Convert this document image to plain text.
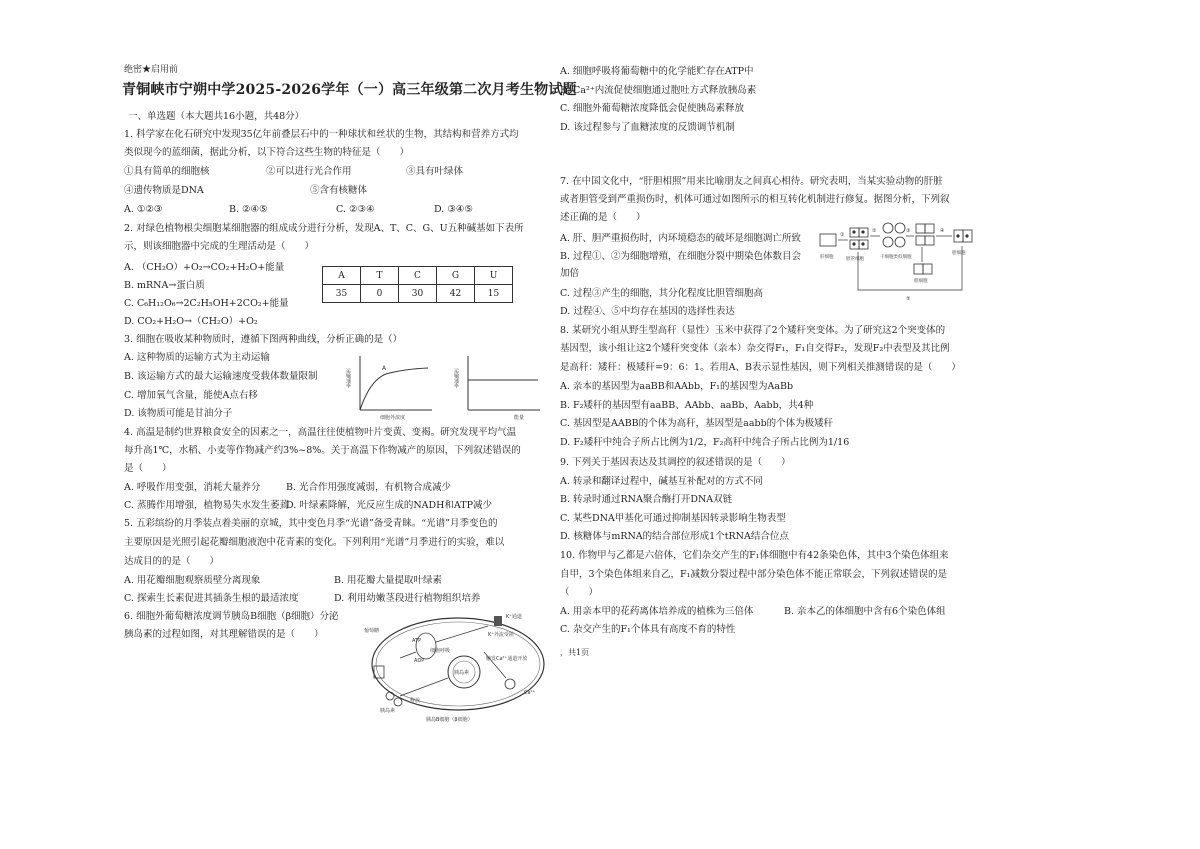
绝密★启用前
青铜峡市宁朔中学2025-2026学年（一）高三年级第二次月考生物试题
一、单选题（本大题共16小题，共48分）
1. 科学家在化石研究中发现35亿年前叠层石中的一种球状和丝状的生物，其结构和营养方式均
类似现今的蓝细菌，据此分析，以下符合这些生物的特征是（　　）
①具有简单的细胞核	②可以进行光合作用	③具有叶绿体
④遗传物质是DNA	⑤含有核糖体
A. ①②③	B. ②④⑤	C. ②③④	D. ③④⑤
2. 对绿色植物根尖细胞某细胞器的组成成分进行分析，发现A、T、C、G、U五种碱基如下表所
示，则该细胞器中完成的生理活动是（　　）
A. （CH₂O）+O₂→CO₂+H₂O+能量
B. mRNA→蛋白质
C. C₆H₁₂O₆→2C₂H₅OH+2CO₂+能量
D. CO₂+H₂O→（CH₂O）+O₂
A	T	C	G	U
35	0	30	42	15
3. 细胞在吸收某种物质时，遵循下图两种曲线，分析正确的是（）
A. 这种物质的运输方式为主动运输
B. 该运输方式的最大运输速度受载体数量限制
C. 增加氧气含量，能使A点右移
D. 该物质可能是甘油分子
运输速率	A
细胞外浓度
运输速率
能量
4. 高温是制约世界粮食安全的因素之一，高温往往使植物叶片变黄、变褐。研究发现平均气温
每升高1℃，水稻、小麦等作物减产约3%~8%。关于高温下作物减产的原因，下列叙述错误的
是（　　）
A. 呼吸作用变强，消耗大量养分	B. 光合作用强度减弱，有机物合成减少
C. 蒸腾作用增强，植物易失水发生萎蔫
D. 叶绿素降解，光反应生成的NADH和ATP减少
5. 五彩缤纷的月季装点着美丽的京城，其中变色月季“光谱”备受青睐。“光谱”月季变色的
主要原因是光照引起花瓣细胞液泡中花青素的变化。下列利用“光谱”月季进行的实验，难以
达成目的的是（　　）
A. 用花瓣细胞观察质壁分离现象	B. 用花瓣大量提取叶绿素
C. 探索生长素促进其插条生根的最适浓度	D. 利用幼嫩茎段进行植物组织培养
6. 细胞外葡萄糖浓度调节胰岛B细胞（β细胞）分泌
胰岛素的过程如图，对其理解错误的是（　　）	葡萄糖
K⁺通道
ATP
K⁺外流受阻
ADP
细胞呼吸
胰岛素
触发Ca²⁺通道开放
Ca²⁺
释放
胰岛素
胰岛B细胞（β细胞）
A. 细胞呼吸将葡萄糖中的化学能贮存在ATP中
B. Ca²⁺内流促使细胞通过胞吐方式释放胰岛素
C. 细胞外葡萄糖浓度降低会促使胰岛素释放
D. 该过程参与了血糖浓度的反馈调节机制
7. 在中国文化中，“肝胆相照”用来比喻朋友之间真心相待。研究表明，当某实验动物的肝脏
或者胆管受到严重损伤时，机体可通过如图所示的相互转化机制进行修复。据图分析，下列叙
述正确的是（　　）
A. 肝、胆严重损伤时，内环境稳态的破坏是细胞凋亡所致
B. 过程①、②为细胞增殖，在细胞分裂中期染色体数目会
加倍
C. 过程③产生的细胞，其分化程度比胆管细胞高
D. 过程④、⑤中均存在基因的选择性表达
肝细胞	胆管细胞	干细胞类似细胞
胆细胞
胆细胞
①
②	③	④
⑤
8. 某研究小组从野生型高秆（显性）玉米中获得了2个矮秆突变体。为了研究这2个突变体的
基因型，该小组让这2个矮秆突变体（亲本）杂交得F₁，F₁自交得F₂，发现F₂中表型及其比例
是高秆：矮秆：极矮秆=9：6：1。若用A、B表示显性基因，则下列相关推测错误的是（　　）
A. 亲本的基因型为aaBB和AAbb，F₁的基因型为AaBb
B. F₂矮秆的基因型有aaBB、AAbb、aaBb、Aabb，共4种
C. 基因型是AABB的个体为高秆，基因型是aabb的个体为极矮秆
D. F₂矮秆中纯合子所占比例为1/2，F₂高秆中纯合子所占比例为1/16
9. 下列关于基因表达及其调控的叙述错误的是（　　）
A. 转录和翻译过程中，碱基互补配对的方式不同
B. 转录时通过RNA聚合酶打开DNA双链
C. 某些DNA甲基化可通过抑制基因转录影响生物表型
D. 核糖体与mRNA的结合部位形成1个tRNA结合位点
10. 作物甲与乙都是六倍体，它们杂交产生的F₁体细胞中有42条染色体，其中3个染色体组来
自甲，3个染色体组来自乙，F₁减数分裂过程中部分染色体不能正常联会，下列叙述错误的是
（　　）
A. 用亲本甲的花药离体培养成的植株为三倍体	B. 亲本乙的体细胞中含有6个染色体组
C. 杂交产生的F₁个体具有高度不育的特性
，共1页
